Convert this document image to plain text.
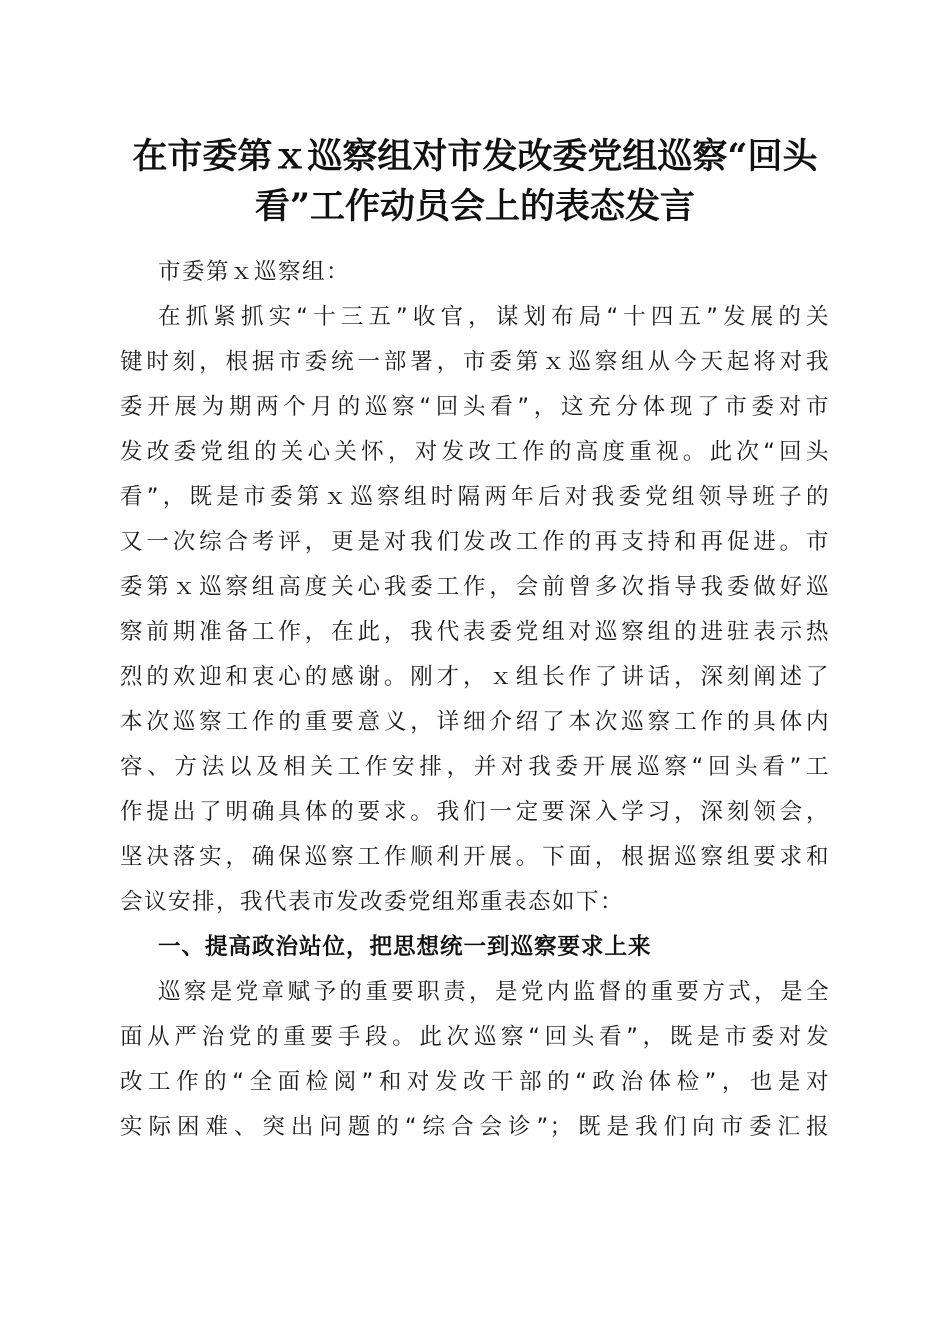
在市委第ｘ巡察组对市发改委党组巡察“回头
看”工作动员会上的表态发言
市委第ｘ巡察组：
在抓紧抓实“十三五”收官，谋划布局“十四五”发展的关
键时刻，根据市委统一部署，市委第ｘ巡察组从今天起将对我
委开展为期两个月的巡察“回头看”，这充分体现了市委对市
发改委党组的关心关怀，对发改工作的高度重视。此次“回头
看”，既是市委第ｘ巡察组时隔两年后对我委党组领导班子的
又一次综合考评，更是对我们发改工作的再支持和再促进。市
委第ｘ巡察组高度关心我委工作，会前曾多次指导我委做好巡
察前期准备工作，在此，我代表委党组对巡察组的进驻表示热
烈的欢迎和衷心的感谢。刚才，ｘ组长作了讲话，深刻阐述了
本次巡察工作的重要意义，详细介绍了本次巡察工作的具体内
容、方法以及相关工作安排，并对我委开展巡察“回头看”工
作提出了明确具体的要求。我们一定要深入学习，深刻领会，
坚决落实，确保巡察工作顺利开展。下面，根据巡察组要求和
会议安排，我代表市发改委党组郑重表态如下：
一、提高政治站位，把思想统一到巡察要求上来
巡察是党章赋予的重要职责，是党内监督的重要方式，是全
面从严治党的重要手段。此次巡察“回头看”，既是市委对发
改工作的“全面检阅”和对发改干部的“政治体检”，也是对
实际困难、突出问题的“综合会诊”；既是我们向市委汇报
